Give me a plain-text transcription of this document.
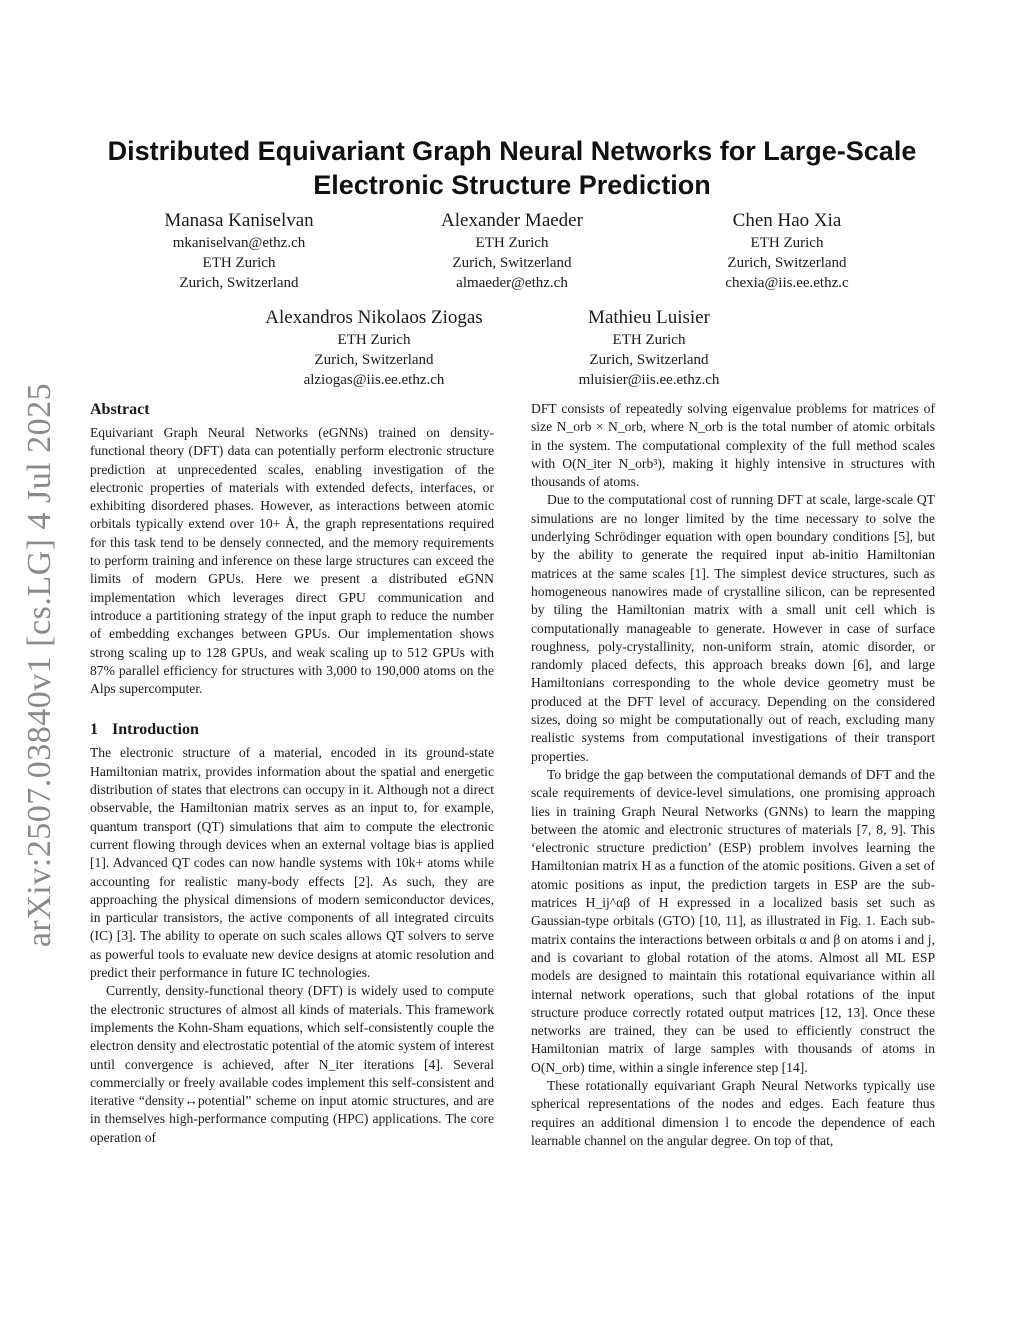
arXiv:2507.03840v1 [cs.LG] 4 Jul 2025
Distributed Equivariant Graph Neural Networks for Large-Scale
Electronic Structure Prediction
Manasa Kaniselvan
mkaniselvan@ethz.ch
ETH Zurich
Zurich, Switzerland
Alexander Maeder
ETH Zurich
Zurich, Switzerland
almaeder@ethz.ch
Chen Hao Xia
ETH Zurich
Zurich, Switzerland
chexia@iis.ee.ethz.c
Alexandros Nikolaos Ziogas
ETH Zurich
Zurich, Switzerland
alziogas@iis.ee.ethz.ch
Mathieu Luisier
ETH Zurich
Zurich, Switzerland
mluisier@iis.ee.ethz.ch
Abstract

Equivariant Graph Neural Networks (eGNNs) trained on density-functional theory (DFT) data can potentially perform electronic structure prediction at unprecedented scales, enabling investigation of the electronic properties of materials with extended defects, interfaces, or exhibiting disordered phases. However, as interactions between atomic orbitals typically extend over 10+ Å, the graph representations required for this task tend to be densely connected, and the memory requirements to perform training and inference on these large structures can exceed the limits of modern GPUs. Here we present a distributed eGNN implementation which leverages direct GPU communication and introduce a partitioning strategy of the input graph to reduce the number of embedding exchanges between GPUs. Our implementation shows strong scaling up to 128 GPUs, and weak scaling up to 512 GPUs with 87% parallel efficiency for structures with 3,000 to 190,000 atoms on the Alps supercomputer.

1 Introduction

The electronic structure of a material, encoded in its ground-state Hamiltonian matrix, provides information about the spatial and energetic distribution of states that electrons can occupy in it. Although not a direct observable, the Hamiltonian matrix serves as an input to, for example, quantum transport (QT) simulations that aim to compute the electronic current flowing through devices when an external voltage bias is applied [1]. Advanced QT codes can now handle systems with 10k+ atoms while accounting for realistic many-body effects [2]. As such, they are approaching the physical dimensions of modern semiconductor devices, in particular transistors, the active components of all integrated circuits (IC) [3]. The ability to operate on such scales allows QT solvers to serve as powerful tools to evaluate new device designs at atomic resolution and predict their performance in future IC technologies.

Currently, density-functional theory (DFT) is widely used to compute the electronic structures of almost all kinds of materials. This framework implements the Kohn-Sham equations, which self-consistently couple the electron density and electrostatic potential of the atomic system of interest until convergence is achieved, after N_iter iterations [4]. Several commercially or freely available codes implement this self-consistent and iterative “density↔potential” scheme on input atomic structures, and are in themselves high-performance computing (HPC) applications. The core operation of

DFT consists of repeatedly solving eigenvalue problems for matrices of size N_orb × N_orb, where N_orb is the total number of atomic orbitals in the system. The computational complexity of the full method scales with O(N_iter N_orb³), making it highly intensive in structures with thousands of atoms.

Due to the computational cost of running DFT at scale, large-scale QT simulations are no longer limited by the time necessary to solve the underlying Schrödinger equation with open boundary conditions [5], but by the ability to generate the required input ab-initio Hamiltonian matrices at the same scales [1]. The simplest device structures, such as homogeneous nanowires made of crystalline silicon, can be represented by tiling the Hamiltonian matrix with a small unit cell which is computationally manageable to generate. However in case of surface roughness, poly-crystallinity, non-uniform strain, atomic disorder, or randomly placed defects, this approach breaks down [6], and large Hamiltonians corresponding to the whole device geometry must be produced at the DFT level of accuracy. Depending on the considered sizes, doing so might be computationally out of reach, excluding many realistic systems from computational investigations of their transport properties.

To bridge the gap between the computational demands of DFT and the scale requirements of device-level simulations, one promising approach lies in training Graph Neural Networks (GNNs) to learn the mapping between the atomic and electronic structures of materials [7, 8, 9]. This ‘electronic structure prediction’ (ESP) problem involves learning the Hamiltonian matrix H as a function of the atomic positions. Given a set of atomic positions as input, the prediction targets in ESP are the sub-matrices H_ij^αβ of H expressed in a localized basis set such as Gaussian-type orbitals (GTO) [10, 11], as illustrated in Fig. 1. Each sub-matrix contains the interactions between orbitals α and β on atoms i and j, and is covariant to global rotation of the atoms. Almost all ML ESP models are designed to maintain this rotational equivariance within all internal network operations, such that global rotations of the input structure produce correctly rotated output matrices [12, 13]. Once these networks are trained, they can be used to efficiently construct the Hamiltonian matrix of large samples with thousands of atoms in O(N_orb) time, within a single inference step [14].

These rotationally equivariant Graph Neural Networks typically use spherical representations of the nodes and edges. Each feature thus requires an additional dimension l to encode the dependence of each learnable channel on the angular degree. On top of that,
